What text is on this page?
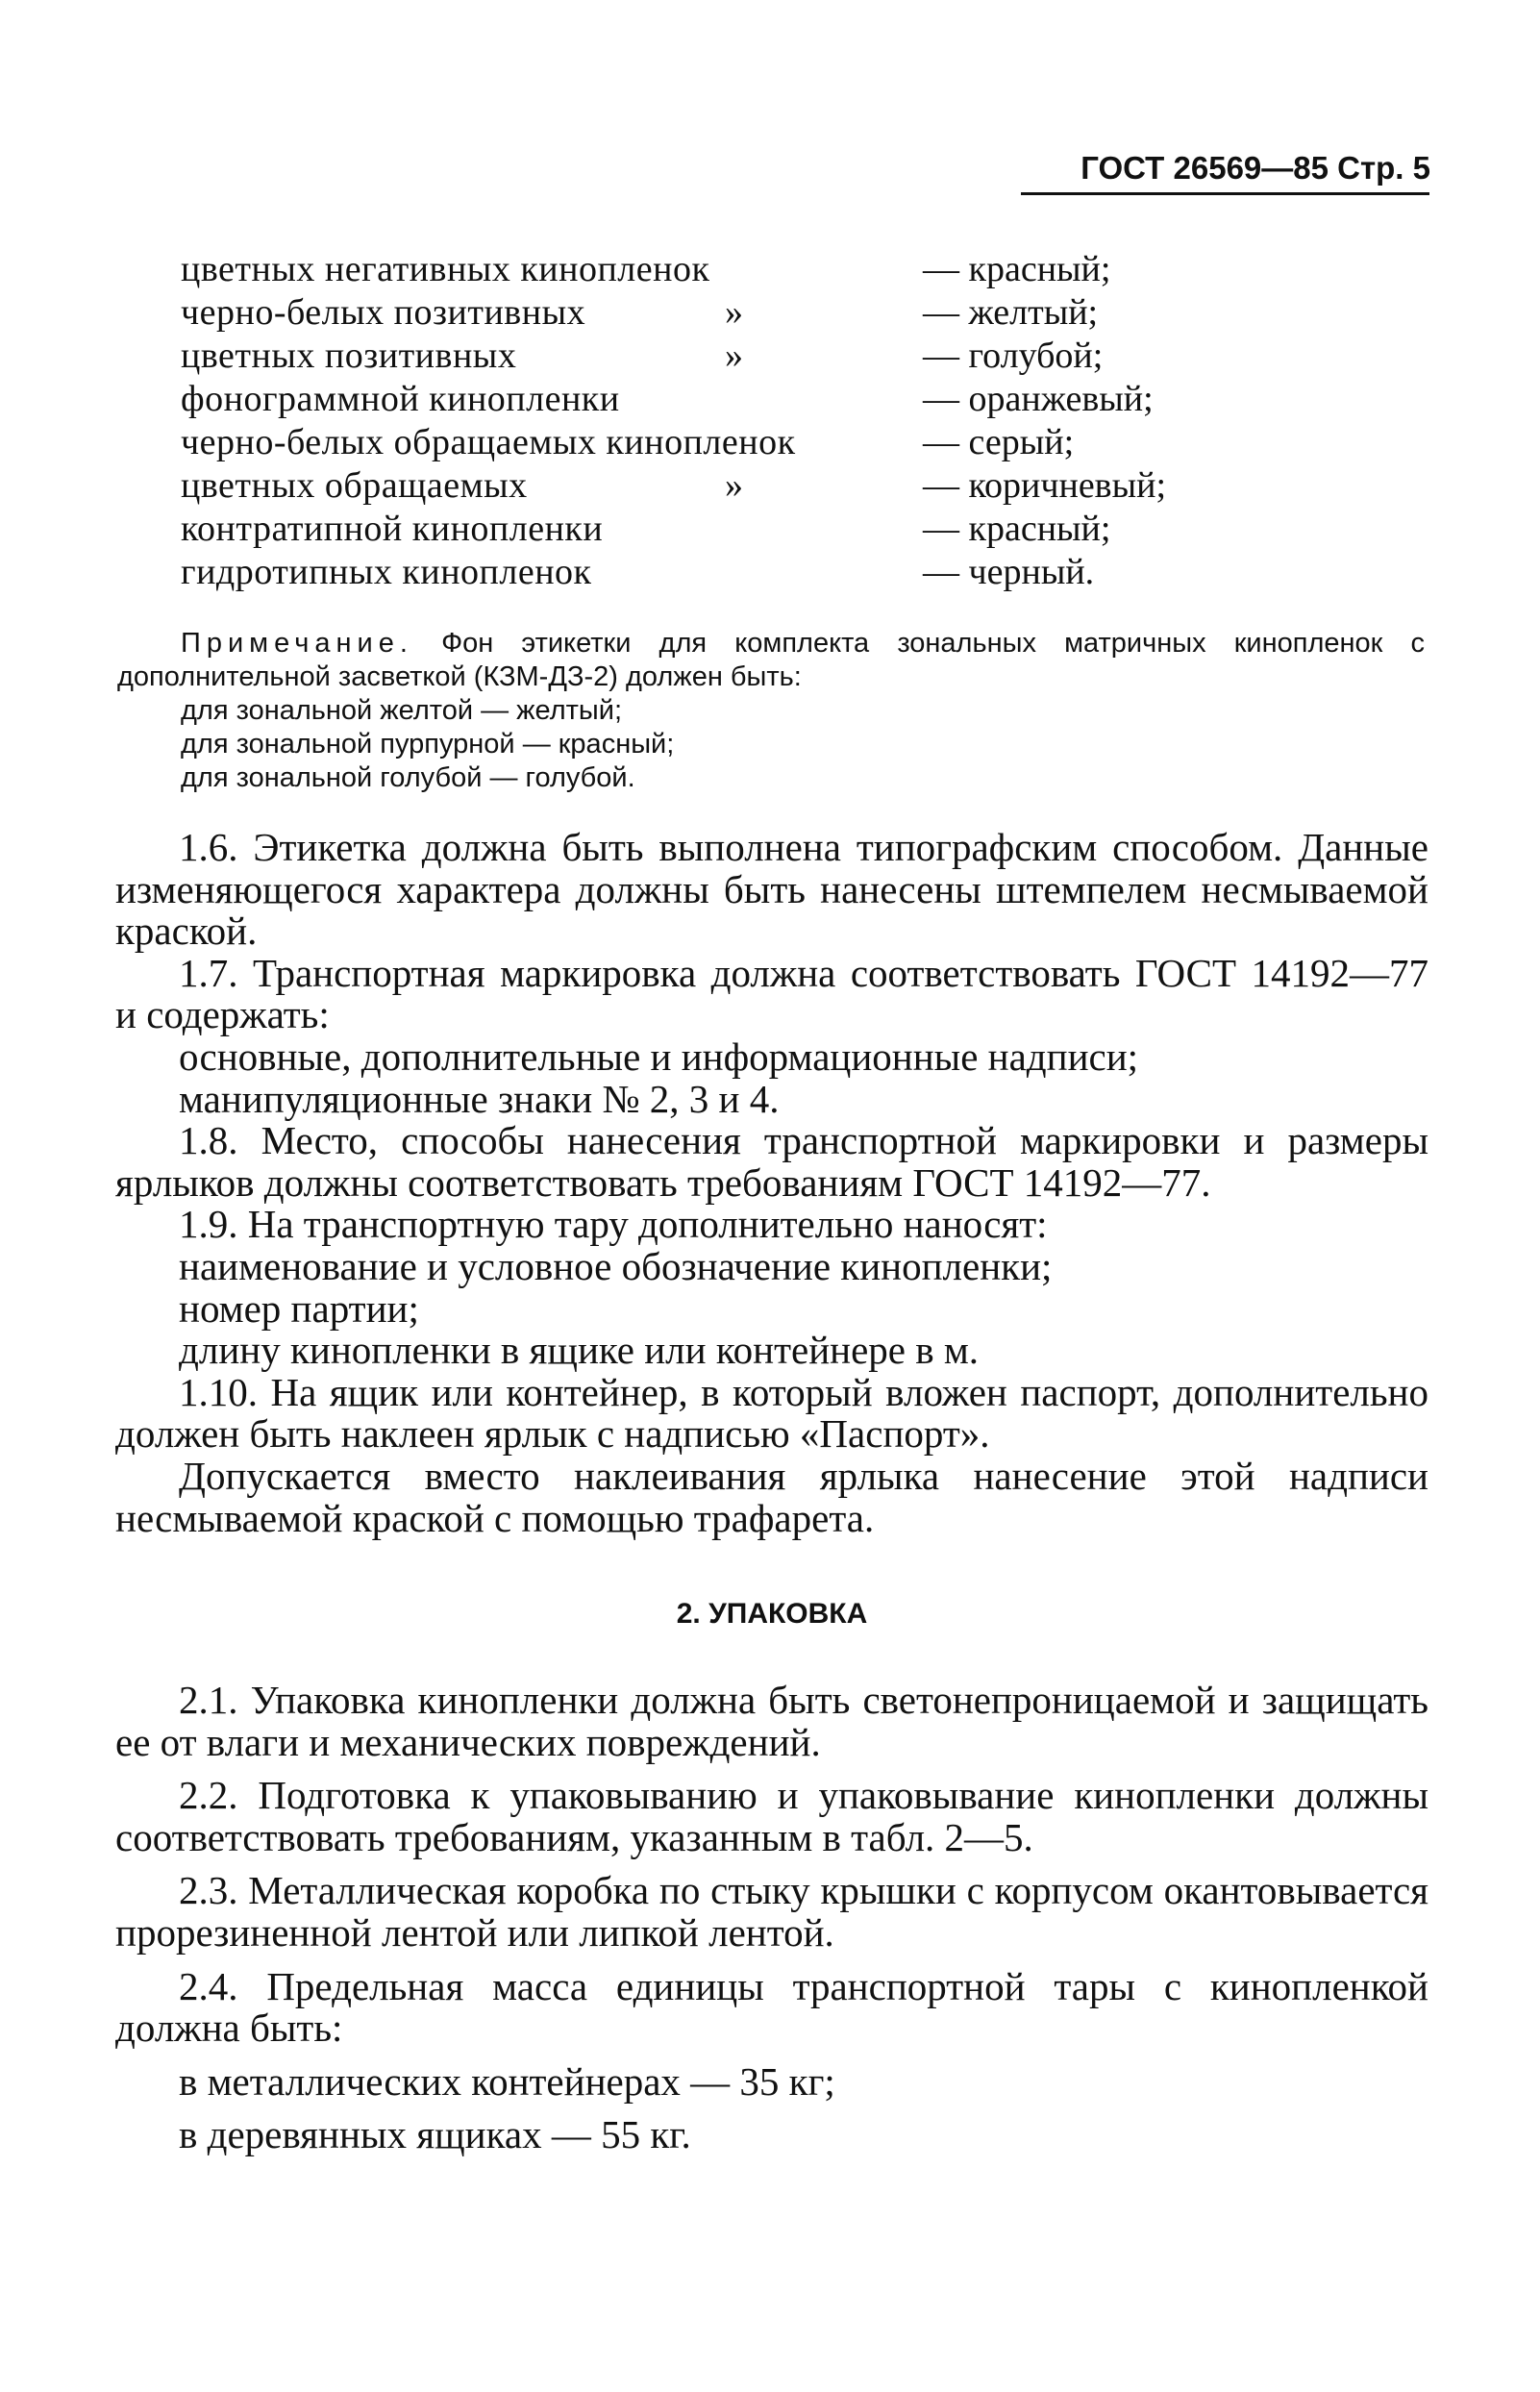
ГОСТ 26569—85 Стр. 5
цветных негативных кинопленок	— красный;
черно-белых позитивных	»	— желтый;
цветных позитивных	»	— голубой;
фонограммной кинопленки	— оранжевый;
черно-белых обращаемых кинопленок	— серый;
цветных обращаемых	»	— коричневый;
контратипной кинопленки	— красный;
гидротипных кинопленок	— черный.

Примечание. Фон этикетки для комплекта зональных матричных кинопленок с дополнительной засветкой (КЗМ-ДЗ-2) должен быть:

для зональной желтой — желтый;

для зональной пурпурной — красный;

для зональной голубой — голубой.

1.6. Этикетка должна быть выполнена типографским способом. Данные изменяющегося характера должны быть нанесены штемпелем несмываемой краской.

1.7. Транспортная маркировка должна соответствовать ГОСТ 14192—77 и содержать:

основные, дополнительные и информационные надписи;

манипуляционные знаки № 2, 3 и 4.

1.8. Место, способы нанесения транспортной маркировки и размеры ярлыков должны соответствовать требованиям ГОСТ 14192—77.

1.9. На транспортную тару дополнительно наносят:

наименование и условное обозначение кинопленки;

номер партии;

длину кинопленки в ящике или контейнере в м.

1.10. На ящик или контейнер, в который вложен паспорт, дополнительно должен быть наклеен ярлык с надписью «Паспорт».

Допускается вместо наклеивания ярлыка нанесение этой надписи несмываемой краской с помощью трафарета.

2. УПАКОВКА

2.1. Упаковка кинопленки должна быть светонепроницаемой и защищать ее от влаги и механических повреждений.

2.2. Подготовка к упаковыванию и упаковывание кинопленки должны соответствовать требованиям, указанным в табл. 2—5.

2.3. Металлическая коробка по стыку крышки с корпусом окантовывается прорезиненной лентой или липкой лентой.

2.4. Предельная масса единицы транспортной тары с кинопленкой должна быть:

в металлических контейнерах — 35 кг;

в деревянных ящиках — 55 кг.
